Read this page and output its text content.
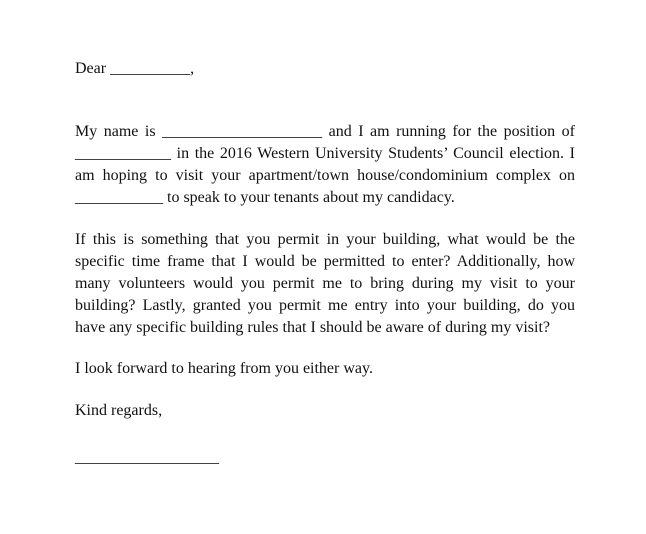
Dear __________,
My name is ____________________ and I am running for the position of
____________ in the 2016 Western University Students’ Council election. I
am hoping to visit your apartment/town house/condominium complex on
___________ to speak to your tenants about my candidacy.
If this is something that you permit in your building, what would be the
specific time frame that I would be permitted to enter? Additionally, how
many volunteers would you permit me to bring during my visit to your
building? Lastly, granted you permit me entry into your building, do you
have any specific building rules that I should be aware of during my visit?
I look forward to hearing from you either way.
Kind regards,
__________________
